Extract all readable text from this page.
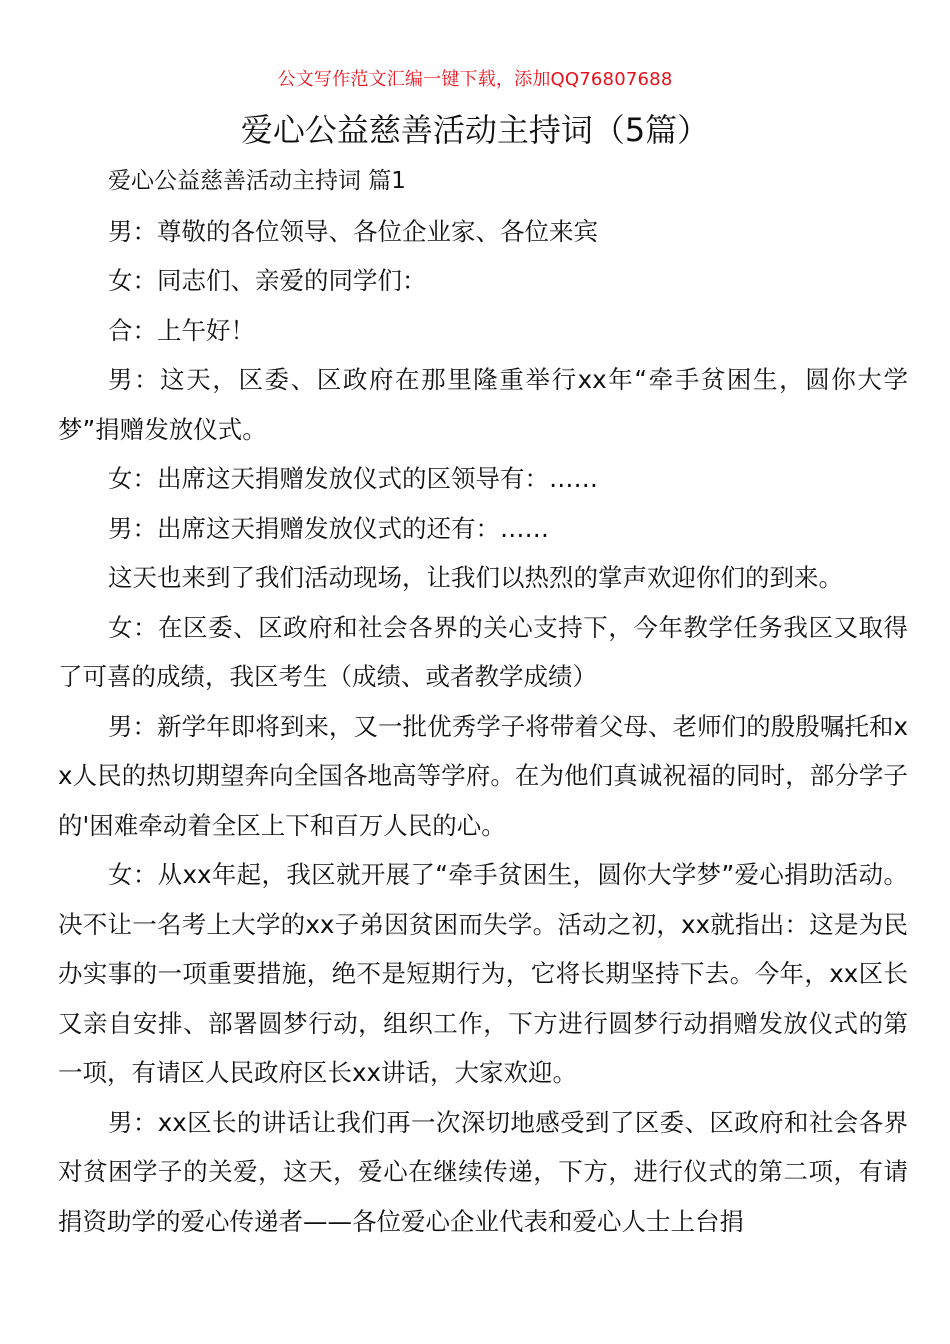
公文写作范文汇编一键下载，添加QQ76807688
爱心公益慈善活动主持词（5篇）

爱心公益慈善活动主持词 篇1

男：尊敬的各位领导、各位企业家、各位来宾

女：同志们、亲爱的同学们：

合：上午好！

男：这天，区委、区政府在那里隆重举行xx年“牵手贫困生，圆你大学梦”捐赠发放仪式。

女：出席这天捐赠发放仪式的区领导有：……

男：出席这天捐赠发放仪式的还有：……

这天也来到了我们活动现场，让我们以热烈的掌声欢迎你们的到来。

女：在区委、区政府和社会各界的关心支持下，今年教学任务我区又取得了可喜的成绩，我区考生（成绩、或者教学成绩）

男：新学年即将到来，又一批优秀学子将带着父母、老师们的殷殷嘱托和xx人民的热切期望奔向全国各地高等学府。在为他们真诚祝福的同时，部分学子的'困难牵动着全区上下和百万人民的心。

女：从xx年起，我区就开展了“牵手贫困生，圆你大学梦”爱心捐助活动。决不让一名考上大学的xx子弟因贫困而失学。活动之初，xx就指出：这是为民办实事的一项重要措施，绝不是短期行为，它将长期坚持下去。今年，xx区长又亲自安排、部署圆梦行动，组织工作，下方进行圆梦行动捐赠发放仪式的第一项，有请区人民政府区长xx讲话，大家欢迎。

男：xx区长的讲话让我们再一次深切地感受到了区委、区政府和社会各界对贫困学子的关爱，这天，爱心在继续传递，下方，进行仪式的第二项，有请捐资助学的爱心传递者——各位爱心企业代表和爱心人士上台捐
